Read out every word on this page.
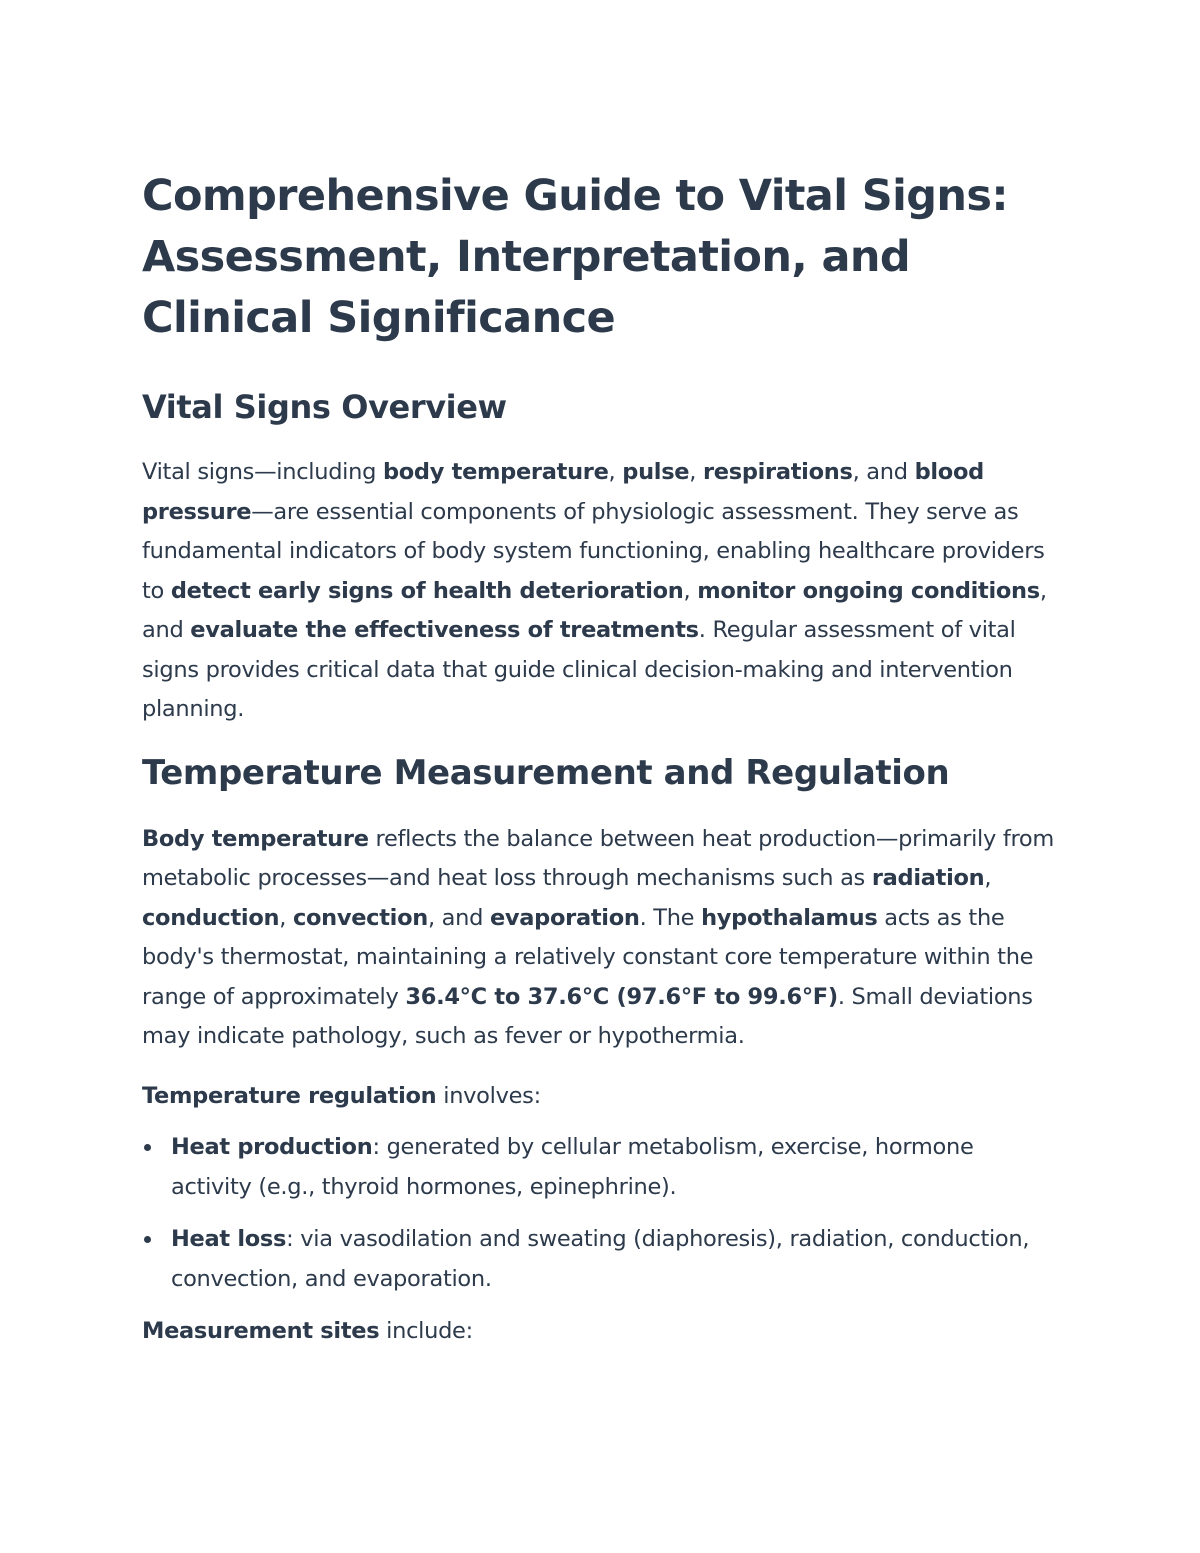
Comprehensive Guide to Vital Signs: Assessment, Interpretation, and Clinical Significance
Vital Signs Overview

Vital signs—including body temperature, pulse, respirations, and blood pressure—are essential components of physiologic assessment. They serve as fundamental indicators of body system functioning, enabling healthcare providers to detect early signs of health deterioration, monitor ongoing conditions, and evaluate the effectiveness of treatments. Regular assessment of vital signs provides critical data that guide clinical decision-making and intervention planning.

Temperature Measurement and Regulation

Body temperature reflects the balance between heat production—primarily from metabolic processes—and heat loss through mechanisms such as radiation, conduction, convection, and evaporation. The hypothalamus acts as the body's thermostat, maintaining a relatively constant core temperature within the range of approximately 36.4°C to 37.6°C (97.6°F to 99.6°F). Small deviations may indicate pathology, such as fever or hypothermia.

Temperature regulation involves:

Heat production: generated by cellular metabolism, exercise, hormone activity (e.g., thyroid hormones, epinephrine).
Heat loss: via vasodilation and sweating (diaphoresis), radiation, conduction, convection, and evaporation.

Measurement sites include:
